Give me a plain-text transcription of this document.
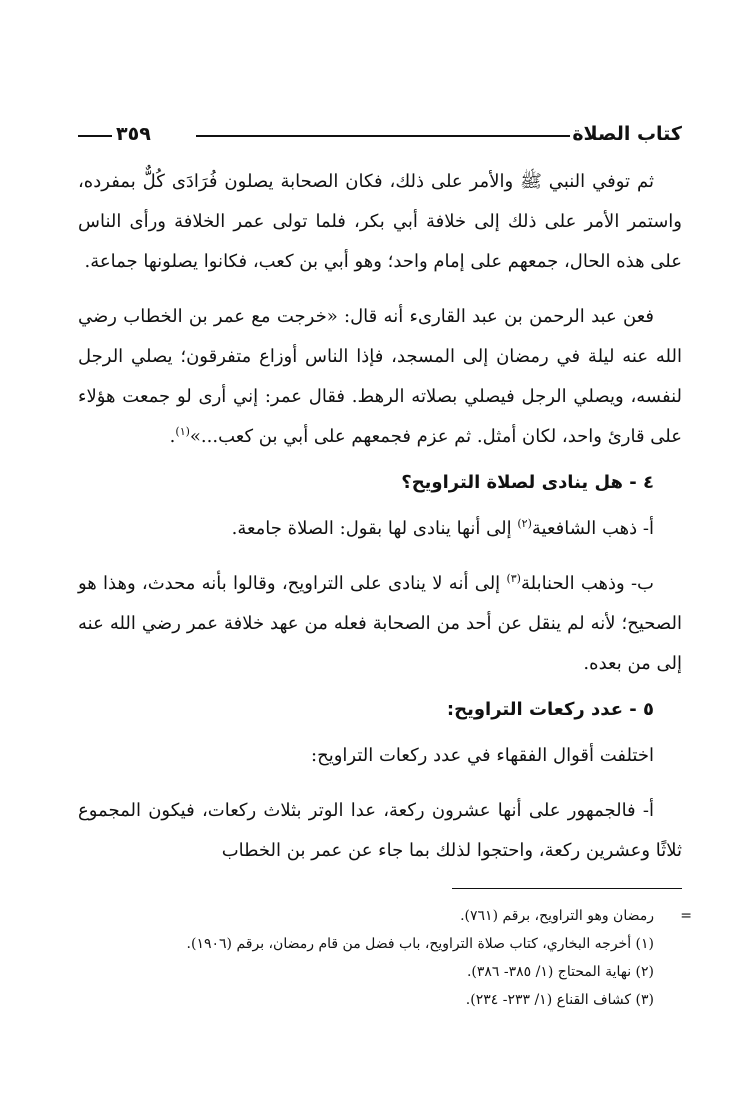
كتاب الصلاة
٣٥٩

ثم توفي النبي ﷺ والأمر على ذلك، فكان الصحابة يصلون فُرَادَى كُلٌّ بمفرده، واستمر الأمر على ذلك إلى خلافة أبي بكر، فلما تولى عمر الخلافة ورأى الناس على هذه الحال، جمعهم على إمام واحد؛ وهو أبي بن كعب، فكانوا يصلونها جماعة.

فعن عبد الرحمن بن عبد القارىء أنه قال: «خرجت مع عمر بن الخطاب رضي الله عنه ليلة في رمضان إلى المسجد، فإذا الناس أوزاع متفرقون؛ يصلي الرجل لنفسه، ويصلي الرجل فيصلي بصلاته الرهط. فقال عمر: إني أرى لو جمعت هؤلاء على قارئ واحد، لكان أمثل. ثم عزم فجمعهم على أبي بن كعب...»$^{(١)}$.

٤ - هل ينادى لصلاة التراويح؟

أ- ذهب الشافعية$^{(٢)}$ إلى أنها ينادى لها بقول: الصلاة جامعة.

ب- وذهب الحنابلة$^{(٣)}$ إلى أنه لا ينادى على التراويح، وقالوا بأنه محدث، وهذا هو الصحيح؛ لأنه لم ينقل عن أحد من الصحابة فعله من عهد خلافة عمر رضي الله عنه إلى من بعده.

٥ - عدد ركعات التراويح:

اختلفت أقوال الفقهاء في عدد ركعات التراويح:

أ- فالجمهور على أنها عشرون ركعة، عدا الوتر بثلاث ركعات، فيكون المجموع ثلاثًا وعشرين ركعة، واحتجوا لذلك بما جاء عن عمر بن الخطاب

=
رمضان وهو التراويح، برقم (٧٦١).

(١) أخرجه البخاري، كتاب صلاة التراويح، باب فضل من قام رمضان، برقم (١٩٠٦).

(٢) نهاية المحتاج (١/ ٣٨٥- ٣٨٦).

(٣) كشاف القناع (١/ ٢٣٣- ٢٣٤).
